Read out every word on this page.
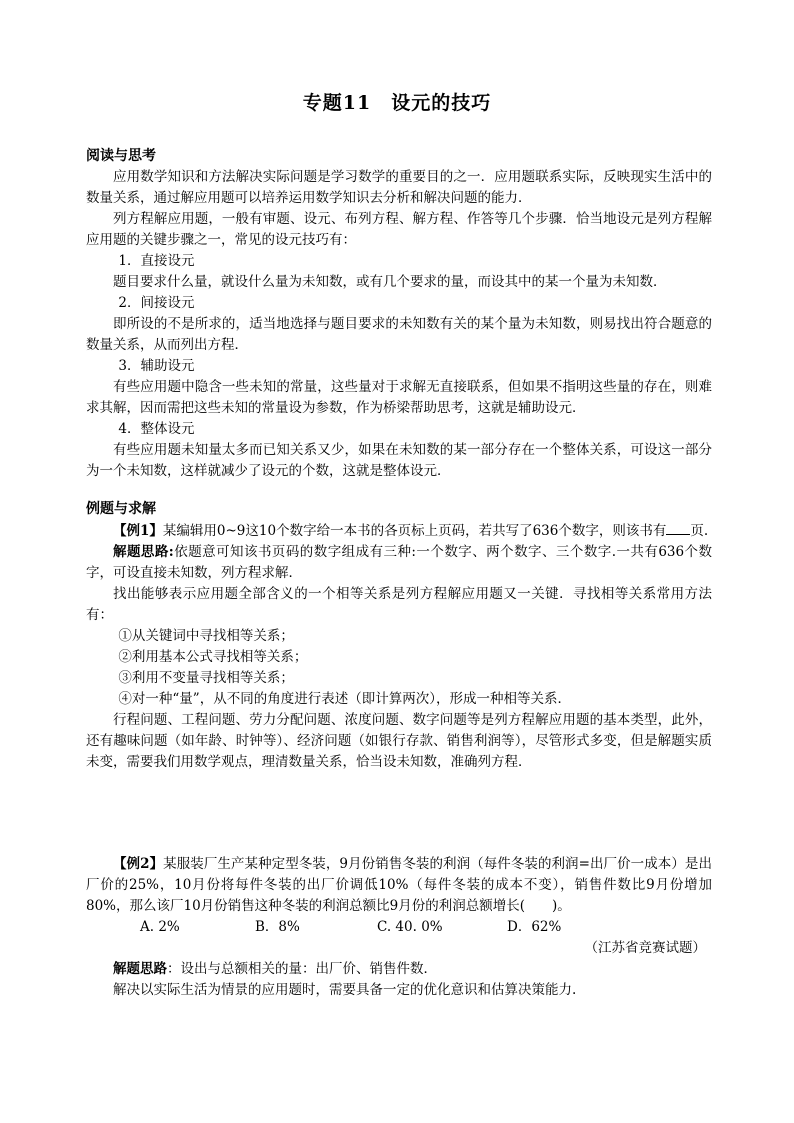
专题11　设元的技巧
阅读与思考

应用数学知识和方法解决实际问题是学习数学的重要目的之一．应用题联系实际，反映现实生活中的数量关系，通过解应用题可以培养运用数学知识去分析和解决问题的能力．

列方程解应用题，一般有审题、设元、布列方程、解方程、作答等几个步骤．恰当地设元是列方程解应用题的关键步骤之一，常见的设元技巧有：

1．直接设元

题目要求什么量，就设什么量为未知数，或有几个要求的量，而设其中的某一个量为未知数．

2．间接设元

即所设的不是所求的，适当地选择与题目要求的未知数有关的某个量为未知数，则易找出符合题意的数量关系，从而列出方程．

3．辅助设元

有些应用题中隐含一些未知的常量，这些量对于求解无直接联系，但如果不指明这些量的存在，则难求其解，因而需把这些未知的常量设为参数，作为桥梁帮助思考，这就是辅助设元．

4．整体设元

有些应用题未知量太多而已知关系又少，如果在未知数的某一部分存在一个整体关系，可设这一部分为一个未知数，这样就减少了设元的个数，这就是整体设元．

例题与求解

【例1】某编辑用0~9这10个数字给一本书的各页标上页码，若共写了636个数字，则该书有 页.

解题思路:依题意可知该书页码的数字组成有三种:一个数字、两个数字、三个数字.一共有636个数字，可设直接未知数，列方程求解．

找出能够表示应用题全部含义的一个相等关系是列方程解应用题又一关键．寻找相等关系常用方法有：

①从关键词中寻找相等关系；

②利用基本公式寻找相等关系；

③利用不变量寻找相等关系；

④对一种“量”，从不同的角度进行表述（即计算两次），形成一种相等关系．

行程问题、工程问题、劳力分配问题、浓度问题、数字问题等是列方程解应用题的基本类型，此外，还有趣味问题（如年龄、时钟等）、经济问题（如银行存款、销售利润等），尽管形式多变，但是解题实质未变，需要我们用数学观点，理清数量关系，恰当设未知数，准确列方程．

【例2】某服装厂生产某种定型冬装，9月份销售冬装的利润（每件冬装的利润=出厂价一成本）是出厂价的25%，10月份将每件冬装的出厂价调低10%（每件冬装的成本不变），销售件数比9月份增加80%，那么该厂10月份销售这种冬装的利润总额比9月份的利润总额增长(　　)。

A. 2%	B．8%	C. 40. 0%	D．62%

（江苏省竞赛试题）

解题思路：设出与总额相关的量：出厂价、销售件数．

解决以实际生活为情景的应用题时，需要具备一定的优化意识和估算决策能力.
